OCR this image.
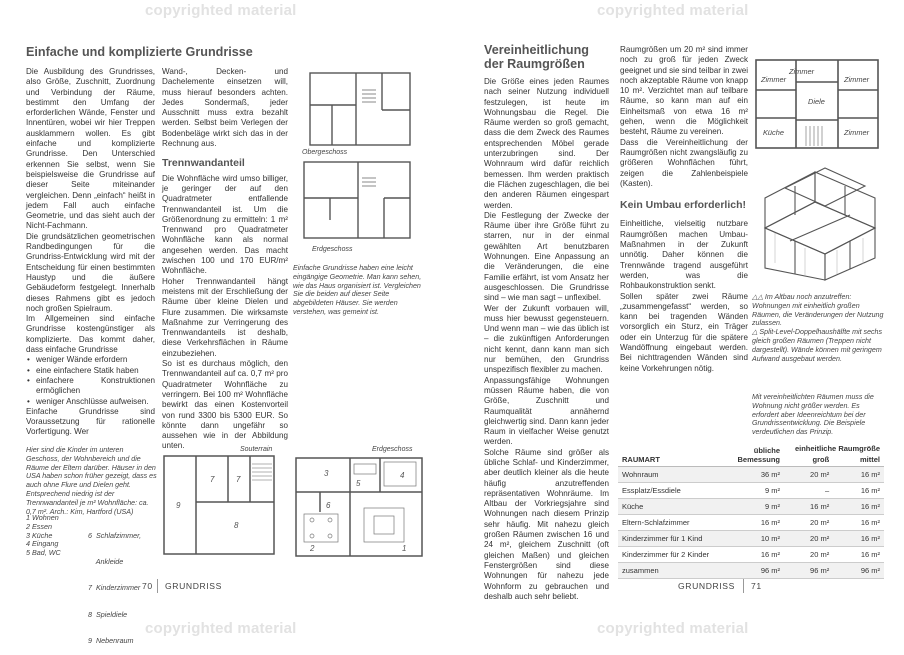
copyrighted material	copyrighted material
copyrighted material	copyrighted material
Einfache und komplizierte Grundrisse

Die Ausbildung des Grundrisses, also Größe, Zuschnitt, Zuordnung und Verbindung der Räume, bestimmt den Umfang der erforderlichen Wände, Fenster und Innentüren, wobei wir hier Treppen ausklammern wollen. Es gibt einfache und komplizierte Grundrisse. Den Unterschied erkennen Sie selbst, wenn Sie beispielsweise die Grundrisse auf dieser Seite miteinander vergleichen. Denn „einfach“ heißt in jedem Fall auch einfache Geometrie, und das sieht auch der Nicht-Fachmann.

Die grundsätzlichen geometrischen Randbedingungen für die Grundriss-Entwicklung wird mit der Entscheidung für einen bestimmten Haustyp und die äußere Gebäudeform festgelegt. Innerhalb dieses Rahmens gibt es jedoch noch großen Spielraum.

Im Allgemeinen sind einfache Grundrisse kostengünstiger als komplizierte. Das kommt daher, dass einfache Grundrisse

• weniger Wände erfordern
• eine einfachere Statik haben
• einfachere Konstruktionen ermöglichen
• weniger Anschlüsse aufweisen.

Einfache Grundrisse sind Voraussetzung für rationelle Vorfertigung. Wer

Wand-, Decken- und Dachelemente einsetzen will, muss hierauf besonders achten. Jedes Sondermaß, jeder Ausschnitt muss extra bezahlt werden. Selbst beim Verlegen der Bodenbeläge wirkt sich das in der Rechnung aus.

Trennwandanteil

Die Wohnfläche wird umso billiger, je geringer der auf den Quadratmeter entfallende Trennwandanteil ist. Um die Größenordnung zu ermitteln: 1 m² Trennwand pro Quadratmeter Wohnfläche kann als normal angesehen werden. Das macht zwischen 100 und 170 EUR/m² Wohnfläche.

Hoher Trennwandanteil hängt meistens mit der Erschließung der Räume über kleine Dielen und Flure zusammen. Die wirksamste Maßnahme zur Verringerung des Trennwandanteils ist deshalb, diese Verkehrsflächen in Räume einzubeziehen.

So ist es durchaus möglich, den Trennwandanteil auf ca. 0,7 m² pro Quadratmeter Wohnfläche zu verringern. Bei 100 m² Wohnfläche bewirkt das einen Kostenvorteil von rund 3300 bis 5300 EUR. So könnte dann ungefähr so aussehen wie in der Abbildung unten.

Obergeschoss
Erdgeschoss
Einfache Grundrisse haben eine leicht eingängige Geometrie. Man kann sehen, wie das Haus organisiert ist. Vergleichen Sie die beiden auf dieser Seite abgebildeten Häuser. Sie werden verstehen, was gemeint ist.
Hier sind die Kinder im unteren Geschoss, der Wohnbereich und die Räume der Eltern darüber. Häuser in den USA haben schon früher gezeigt, dass es auch ohne Flure und Dielen geht. Entsprechend niedrig ist der Trennwandanteil je m² Wohnfläche: ca. 0,7 m². Arch.: Kim, Hartford (USA)
1 Wohnen
2 Essen
3 Küche
4 Eingang
5 Bad, WC

6  Schlafzimmer,

Ankleide

7  Kinderzimmer

8  Spieldiele

9  Nebenraum

Souterrain
9
7	7
8
Erdgeschoss
3
6
2	1
5
4
70 GRUNDRISS
Vereinheitlichung
der Raumgrößen

Die Größe eines jeden Raumes nach seiner Nutzung individuell festzulegen, ist heute im Wohnungsbau die Regel. Die Räume werden so groß gemacht, dass die dem Zweck des Raumes entsprechenden Möbel gerade unterzubringen sind. Der Wohnraum wird dafür reichlich bemessen. Ihm werden praktisch die Flächen zugeschlagen, die bei den anderen Räumen eingespart werden.

Die Festlegung der Zwecke der Räume über ihre Größe führt zu starren, nur in der einmal gewählten Art benutzbaren Wohnungen. Eine Anpassung an die Veränderungen, die eine Familie erfährt, ist vom Ansatz her ausgeschlossen. Die Grundrisse sind – wie man sagt – unflexibel.

Wer der Zukunft vorbauen will, muss hier bewusst gegensteuern. Und wenn man – wie das üblich ist – die zukünftigen Anforderungen nicht kennt, dann kann man sich nur bemühen, den Grundriss unspezifisch flexibler zu machen.

Anpassungsfähige Wohnungen müssen Räume haben, die von Größe, Zuschnitt und Raumqualität annähernd gleichwertig sind. Dann kann jeder Raum in vielfacher Weise genutzt werden.

Solche Räume sind größer als übliche Schlaf- und Kinderzimmer, aber deutlich kleiner als die heute häufig anzutreffenden repräsentativen Wohnräume. Im Altbau der Vorkriegsjahre sind Wohnungen nach diesem Prinzip sehr häufig. Mit nahezu gleich großen Räumen zwischen 16 und 24 m², gleichem Zuschnitt (oft gleichen Maßen) und gleichen Fenstergrößen sind diese Wohnungen für nahezu jede Wohnform zu gebrauchen und deshalb auch sehr beliebt.

Raumgrößen um 20 m² sind immer noch zu groß für jeden Zweck geeignet und sie sind teilbar in zwei noch akzeptable Räume von knapp 10 m². Verzichtet man auf teilbare Räume, so kann man auf ein Einheitsmaß von etwa 16 m² gehen, wenn die Möglichkeit besteht, Räume zu vereinen.

Dass die Vereinheitlichung der Raumgrößen nicht zwangsläufig zu größeren Wohnflächen führt, zeigen die Zahlenbeispiele (Kasten).

Kein Umbau erforderlich!

Einheitliche, vielseitig nutzbare Raumgrößen machen Umbau-Maßnahmen in der Zukunft unnötig. Daher können die Trennwände tragend ausgeführt werden, was die Rohbaukonstruktion senkt.

Sollen später zwei Räume „zusammengefasst“ werden, so kann bei tragenden Wänden vorsorglich ein Sturz, ein Träger oder ein Unterzug für die spätere Wandöffnung eingebaut werden. Bei nichttragenden Wänden sind keine Vorkehrungen nötig.

Zimmer
Zimmer	Zimmer
Diele
Küche	Zimmer
△△ Im Altbau noch anzutreffen: Wohnungen mit einheitlich großen Räumen, die Veränderungen der Nutzung zulassen.
△ Split-Level-Doppelhaushälfte mit sechs gleich großen Räumen (Treppen nicht dargestellt). Wände können mit geringem Aufwand ausgebaut werden.
Mit vereinheitlichten Räumen muss die Wohnung nicht größer werden. Es erfordert aber Ideenreichtum bei der Grundrissentwicklung. Die Beispiele verdeutlichen das Prinzip.
RAUMART	übliche Bemessung	einheitliche Raumgröße	
		groß	mittel
Wohnraum	36 m²	20 m²	16 m²
Essplatz/Essdiele	9 m²	–	16 m²
Küche	9 m²	16 m²	16 m²
Eltern-Schlafzimmer	16 m²	20 m²	16 m²
Kinderzimmer für 1 Kind	10 m²	20 m²	16 m²
Kinderzimmer für 2 Kinder	16 m²	20 m²	16 m²
zusammen	96 m²	96 m²	96 m²
GRUNDRISS 71
